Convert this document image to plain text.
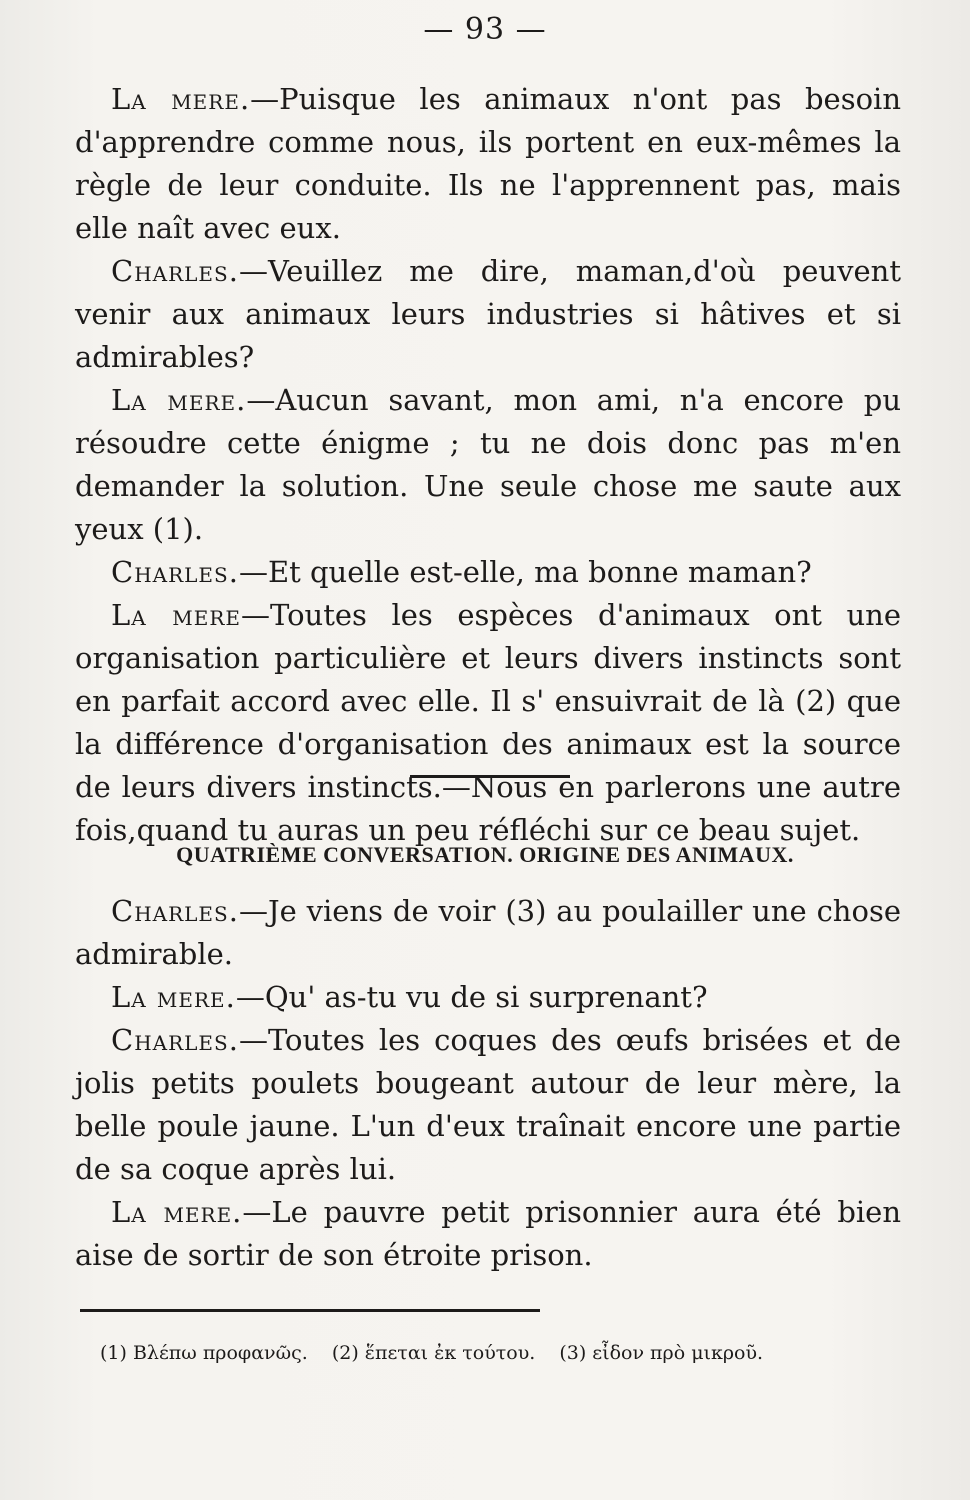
— 93 —

La mere.—Puisque les animaux n'ont pas besoin d'apprendre comme nous, ils portent en eux-mêmes la règle de leur conduite. Ils ne l'apprennent pas, mais elle naît avec eux.

Charles.—Veuillez me dire, maman,d'où peuvent venir aux animaux leurs industries si hâtives et si admirables?

La mere.—Aucun savant, mon ami, n'a encore pu résoudre cette énigme ; tu ne dois donc pas m'en demander la solution. Une seule chose me saute aux yeux (1).

Charles.—Et quelle est-elle, ma bonne maman?

La mere—Toutes les espèces d'animaux ont une organisation particulière et leurs divers instincts sont en parfait accord avec elle. Il s' ensuivrait de là (2) que la différence d'organisation des animaux est la source de leurs divers instincts.—Nous en parlerons une autre fois,quand tu auras un peu réfléchi sur ce beau sujet.

QUATRIÈME CONVERSATION. ORIGINE DES ANIMAUX.

Charles.—Je viens de voir (3) au poulailler une chose admirable.

La mere.—Qu' as-tu vu de si surprenant?

Charles.—Toutes les coques des œufs brisées et de jolis petits poulets bougeant autour de leur mère, la belle poule jaune. L'un d'eux traînait encore une partie de sa coque après lui.

La mere.—Le pauvre petit prisonnier aura été bien aise de sortir de son étroite prison.

(1) Βλέπω προφανῶς. (2) ἕπεται ἐκ τούτου. (3) εἶδον πρὸ μικροῦ.
